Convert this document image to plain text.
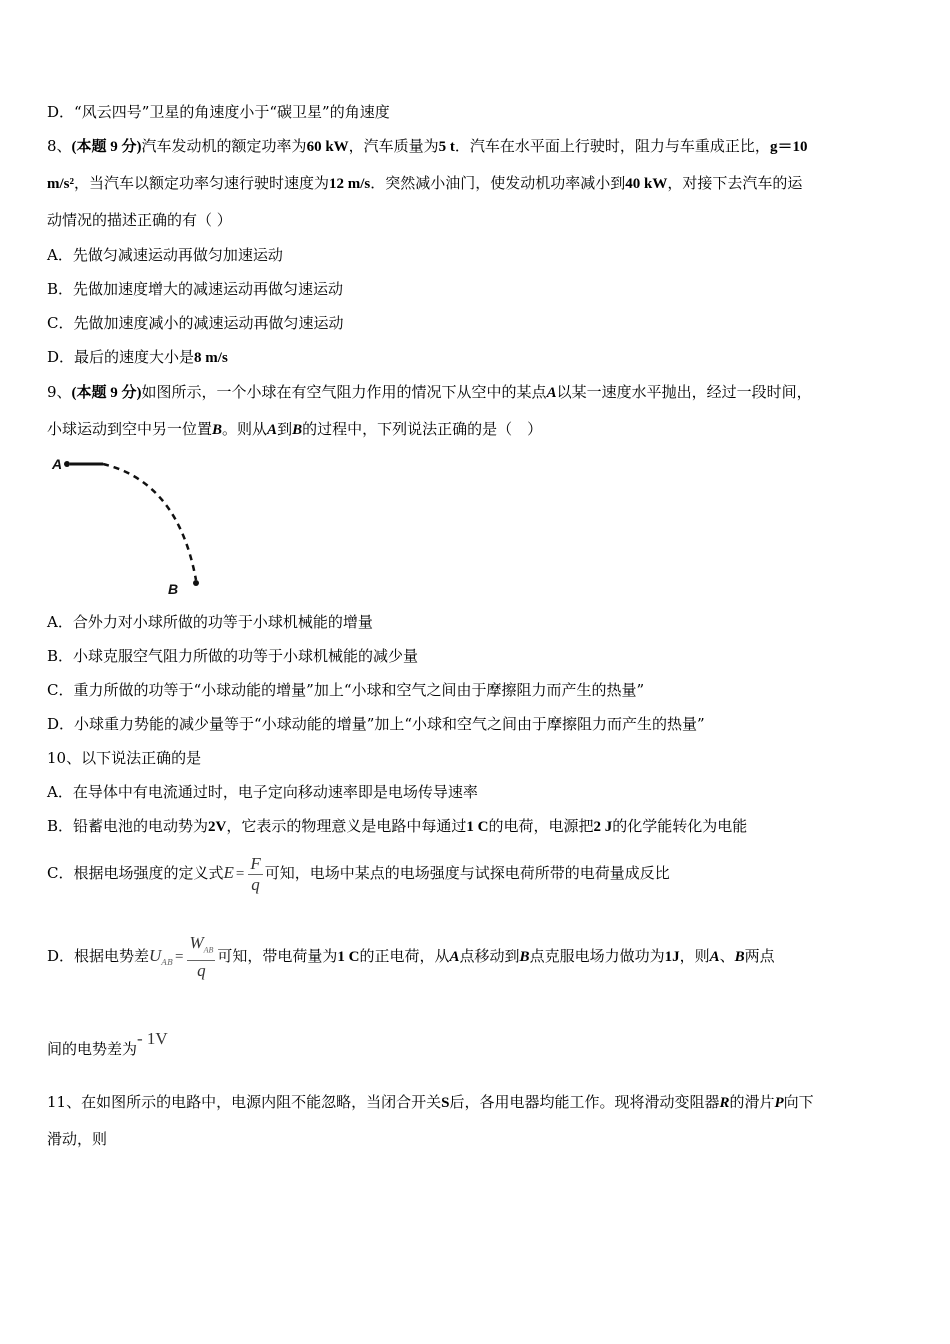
D．“风云四号”卫星的角速度小于“碳卫星”的角速度
8、(本题 9 分)汽车发动机的额定功率为60 kW，汽车质量为5 t．汽车在水平面上行驶时，阻力与车重成正比，g＝10
m/s²，当汽车以额定功率匀速行驶时速度为12 m/s．突然减小油门，使发动机功率减小到40 kW，对接下去汽车的运
动情况的描述正确的有（ ）
A．先做匀减速运动再做匀加速运动
B．先做加速度增大的减速运动再做匀速运动
C．先做加速度减小的减速运动再做匀速运动
D．最后的速度大小是8 m/s
9、(本题 9 分)如图所示，一个小球在有空气阻力作用的情况下从空中的某点A以某一速度水平抛出，经过一段时间，
小球运动到空中另一位置B。则从A到B的过程中，下列说法正确的是（　）
A
B
A．合外力对小球所做的功等于小球机械能的增量
B．小球克服空气阻力所做的功等于小球机械能的减少量
C．重力所做的功等于“小球动能的增量”加上“小球和空气之间由于摩擦阻力而产生的热量”
D．小球重力势能的减少量等于“小球动能的增量”加上“小球和空气之间由于摩擦阻力而产生的热量”
10、以下说法正确的是
A．在导体中有电流通过时，电子定向移动速率即是电场传导速率
B．铅蓄电池的电动势为2V，它表示的物理意义是电路中每通过1 C的电荷，电源把2 J的化学能转化为电能
C．根据电场强度的定义式$E = \frac{F}{q}$ 可知，电场中某点的电场强度与试探电荷所带的电荷量成反比
D．根据电势差$U_{AB} = \frac{W_{AB}}{q}$ 可知，带电荷量为1 C的正电荷，从A点移动到B点克服电场力做功为1J，则A、B两点
间的电势差为- 1V
11、在如图所示的电路中，电源内阻不能忽略，当闭合开关S后，各用电器均能工作。现将滑动变阻器R的滑片P向下
滑动，则
